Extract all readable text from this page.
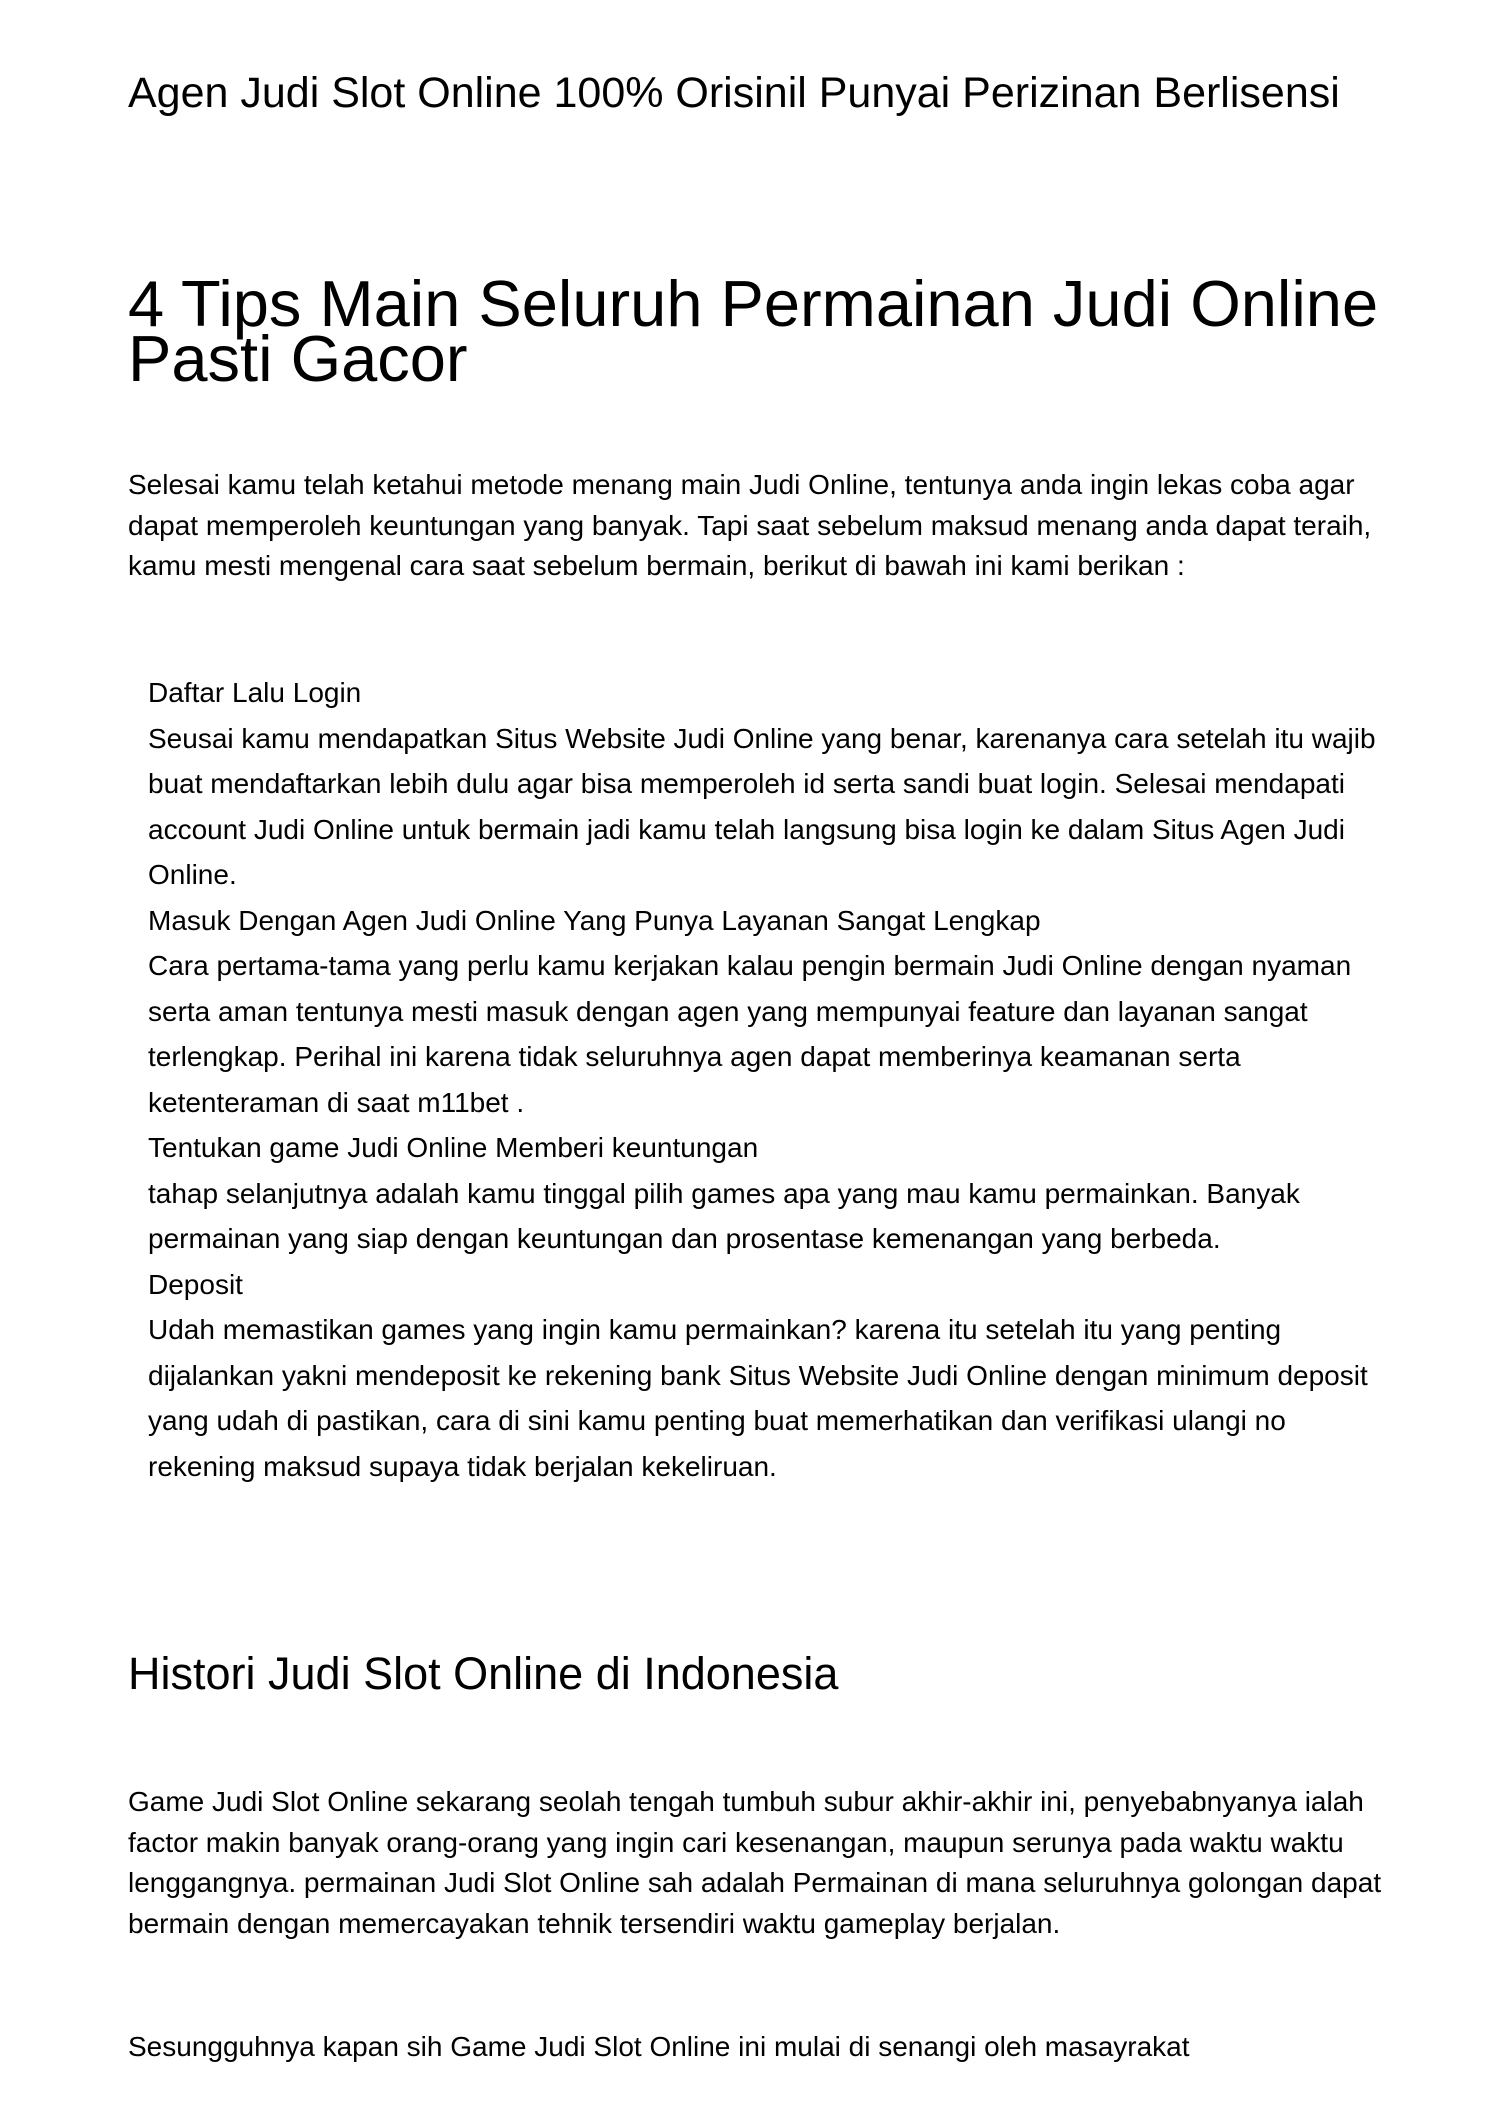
Agen Judi Slot Online 100% Orisinil Punyai Perizinan Berlisensi
4 Tips Main Seluruh Permainan Judi Online Pasti Gacor

Selesai kamu telah ketahui metode menang main Judi Online, tentunya anda ingin lekas coba agar dapat memperoleh keuntungan yang banyak. Tapi saat sebelum maksud menang anda dapat teraih, kamu mesti mengenal cara saat sebelum bermain, berikut di bawah ini kami berikan :

Daftar Lalu Login
Seusai kamu mendapatkan Situs Website Judi Online yang benar, karenanya cara setelah itu wajib buat mendaftarkan lebih dulu agar bisa memperoleh id serta sandi buat login. Selesai mendapati account Judi Online untuk bermain jadi kamu telah langsung bisa login ke dalam Situs Agen Judi Online.
Masuk Dengan Agen Judi Online Yang Punya Layanan Sangat Lengkap
Cara pertama-tama yang perlu kamu kerjakan kalau pengin bermain Judi Online dengan nyaman serta aman tentunya mesti masuk dengan agen yang mempunyai feature dan layanan sangat terlengkap. Perihal ini karena tidak seluruhnya agen dapat memberinya keamanan serta ketenteraman di saat m11bet .
Tentukan game Judi Online Memberi keuntungan
tahap selanjutnya adalah kamu tinggal pilih games apa yang mau kamu permainkan. Banyak permainan yang siap dengan keuntungan dan prosentase kemenangan yang berbeda.
Deposit
Udah memastikan games yang ingin kamu permainkan? karena itu setelah itu yang penting dijalankan yakni mendeposit ke rekening bank Situs Website Judi Online dengan minimum deposit yang udah di pastikan, cara di sini kamu penting buat memerhatikan dan verifikasi ulangi no rekening maksud supaya tidak berjalan kekeliruan.
Histori Judi Slot Online di Indonesia

Game Judi Slot Online sekarang seolah tengah tumbuh subur akhir-akhir ini, penyebabnyanya ialah factor makin banyak orang-orang yang ingin cari kesenangan, maupun serunya pada waktu waktu lenggangnya. permainan Judi Slot Online sah adalah Permainan di mana seluruhnya golongan dapat bermain dengan memercayakan tehnik tersendiri waktu gameplay berjalan.

Sesungguhnya kapan sih Game Judi Slot Online ini mulai di senangi oleh masayrakat
